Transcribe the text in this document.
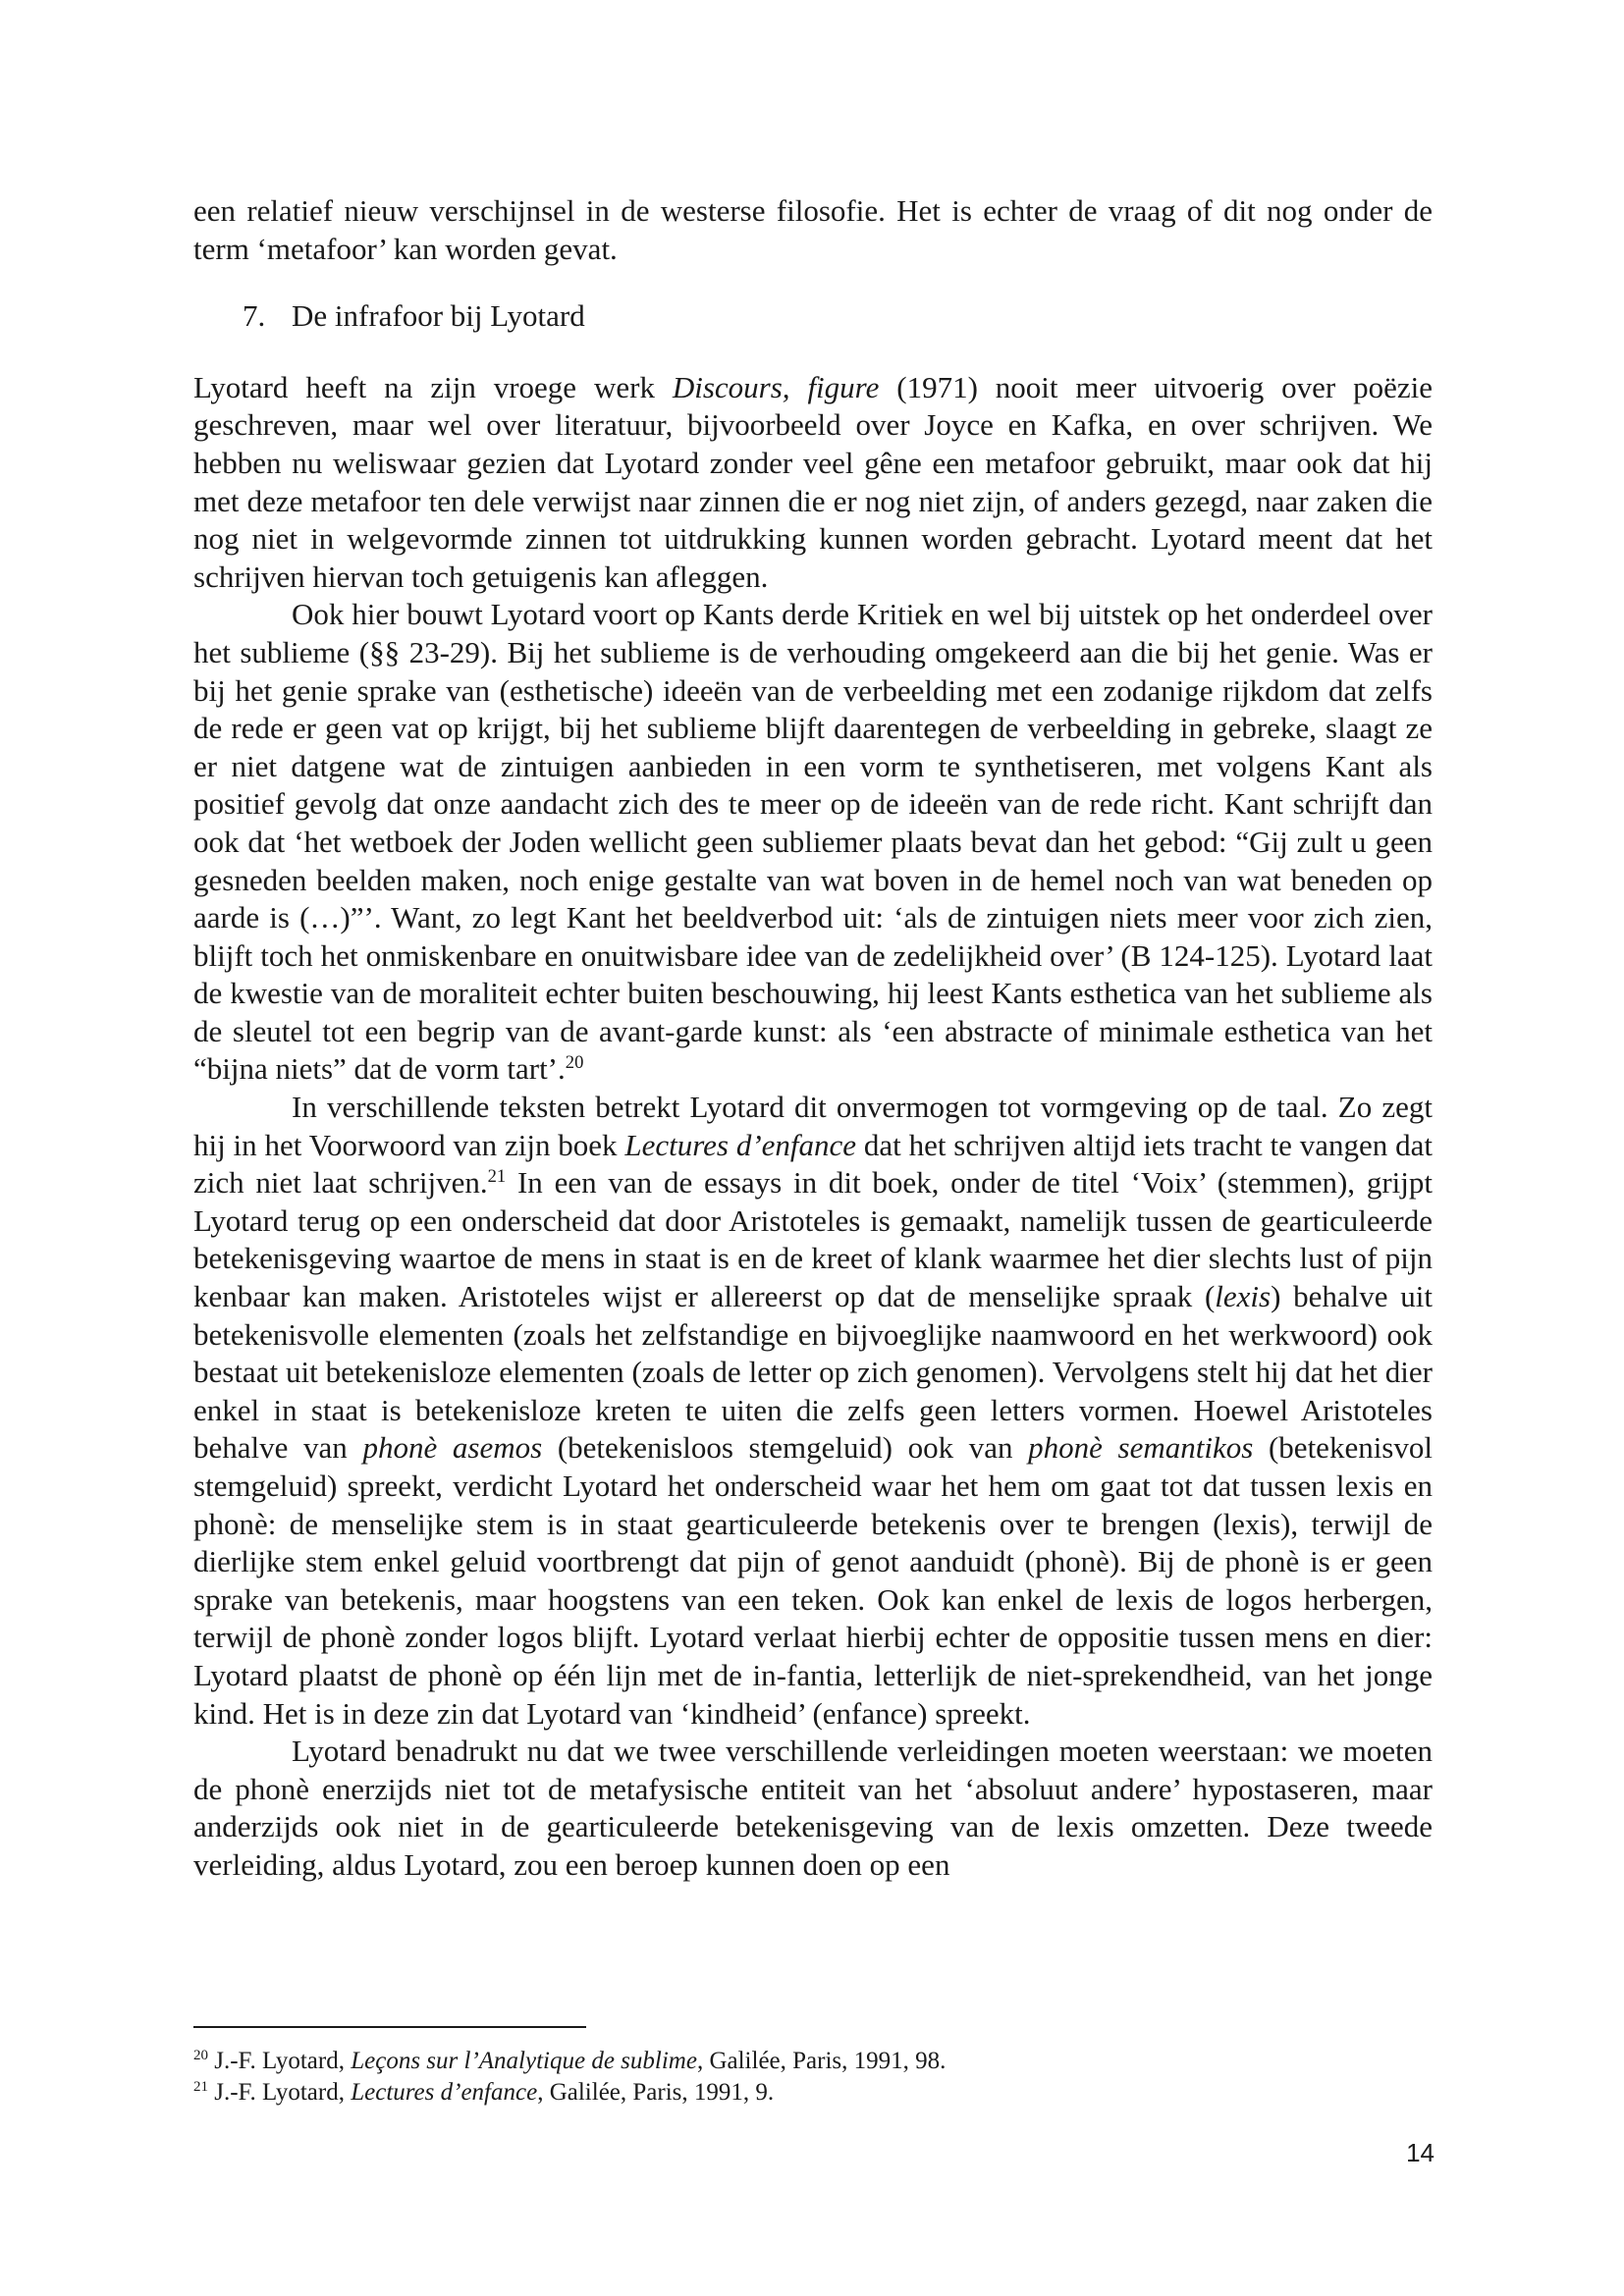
een relatief nieuw verschijnsel in de westerse filosofie. Het is echter de vraag of dit nog onder de term ‘metafoor’ kan worden gevat.

7. De infrafoor bij Lyotard

Lyotard heeft na zijn vroege werk Discours, figure (1971) nooit meer uitvoerig over poëzie geschreven, maar wel over literatuur, bijvoorbeeld over Joyce en Kafka, en over schrijven. We hebben nu weliswaar gezien dat Lyotard zonder veel gêne een metafoor gebruikt, maar ook dat hij met deze metafoor ten dele verwijst naar zinnen die er nog niet zijn, of anders gezegd, naar zaken die nog niet in welgevormde zinnen tot uitdrukking kunnen worden gebracht. Lyotard meent dat het schrijven hiervan toch getuigenis kan afleggen.

Ook hier bouwt Lyotard voort op Kants derde Kritiek en wel bij uitstek op het onderdeel over het sublieme (§§ 23-29). Bij het sublieme is de verhouding omgekeerd aan die bij het genie. Was er bij het genie sprake van (esthetische) ideeën van de verbeelding met een zodanige rijkdom dat zelfs de rede er geen vat op krijgt, bij het sublieme blijft daarentegen de verbeelding in gebreke, slaagt ze er niet datgene wat de zintuigen aanbieden in een vorm te synthetiseren, met volgens Kant als positief gevolg dat onze aandacht zich des te meer op de ideeën van de rede richt. Kant schrijft dan ook dat ‘het wetboek der Joden wellicht geen subliemer plaats bevat dan het gebod: “Gij zult u geen gesneden beelden maken, noch enige gestalte van wat boven in de hemel noch van wat beneden op aarde is (…)”’. Want, zo legt Kant het beeldverbod uit: ‘als de zintuigen niets meer voor zich zien, blijft toch het onmiskenbare en onuitwisbare idee van de zedelijkheid over’ (B 124-125). Lyotard laat de kwestie van de moraliteit echter buiten beschouwing, hij leest Kants esthetica van het sublieme als de sleutel tot een begrip van de avant-garde kunst: als ‘een abstracte of minimale esthetica van het “bijna niets” dat de vorm tart’.$^{20}$

In verschillende teksten betrekt Lyotard dit onvermogen tot vormgeving op de taal. Zo zegt hij in het Voorwoord van zijn boek Lectures d’enfance dat het schrijven altijd iets tracht te vangen dat zich niet laat schrijven.$^{21}$ In een van de essays in dit boek, onder de titel ‘Voix’ (stemmen), grijpt Lyotard terug op een onderscheid dat door Aristoteles is gemaakt, namelijk tussen de gearticuleerde betekenisgeving waartoe de mens in staat is en de kreet of klank waarmee het dier slechts lust of pijn kenbaar kan maken. Aristoteles wijst er allereerst op dat de menselijke spraak (lexis) behalve uit betekenisvolle elementen (zoals het zelfstandige en bijvoeglijke naamwoord en het werkwoord) ook bestaat uit betekenisloze elementen (zoals de letter op zich genomen). Vervolgens stelt hij dat het dier enkel in staat is betekenisloze kreten te uiten die zelfs geen letters vormen. Hoewel Aristoteles behalve van phonè asemos (betekenisloos stemgeluid) ook van phonè semantikos (betekenisvol stemgeluid) spreekt, verdicht Lyotard het onderscheid waar het hem om gaat tot dat tussen lexis en phonè: de menselijke stem is in staat gearticuleerde betekenis over te brengen (lexis), terwijl de dierlijke stem enkel geluid voortbrengt dat pijn of genot aanduidt (phonè). Bij de phonè is er geen sprake van betekenis, maar hoogstens van een teken. Ook kan enkel de lexis de logos herbergen, terwijl de phonè zonder logos blijft. Lyotard verlaat hierbij echter de oppositie tussen mens en dier: Lyotard plaatst de phonè op één lijn met de in-fantia, letterlijk de niet-sprekendheid, van het jonge kind. Het is in deze zin dat Lyotard van ‘kindheid’ (enfance) spreekt.

Lyotard benadrukt nu dat we twee verschillende verleidingen moeten weerstaan: we moeten de phonè enerzijds niet tot de metafysische entiteit van het ‘absoluut andere’ hypostaseren, maar anderzijds ook niet in de gearticuleerde betekenisgeving van de lexis omzetten. Deze tweede verleiding, aldus Lyotard, zou een beroep kunnen doen op een

$^{20}$ J.-F. Lyotard, Leçons sur l’Analytique de sublime, Galilée, Paris, 1991, 98.
$^{21}$ J.-F. Lyotard, Lectures d’enfance, Galilée, Paris, 1991, 9.
14
